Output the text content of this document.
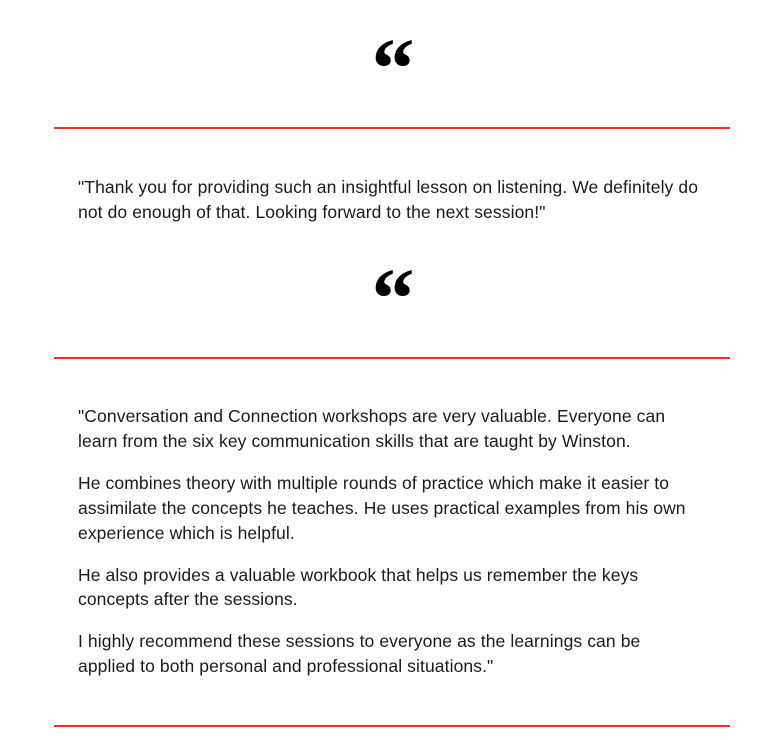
“

"Thank you for providing such an insightful lesson on listening. We definitely do not do enough of that. Looking forward to the next session!"

“

"Conversation and Connection workshops are very valuable. Everyone can learn from the six key communication skills that are taught by Winston.

He combines theory with multiple rounds of practice which make it easier to assimilate the concepts he teaches. He uses practical examples from his own experience which is helpful.

He also provides a valuable workbook that helps us remember the keys concepts after the sessions.

I highly recommend these sessions to everyone as the learnings can be applied to both personal and professional situations."
